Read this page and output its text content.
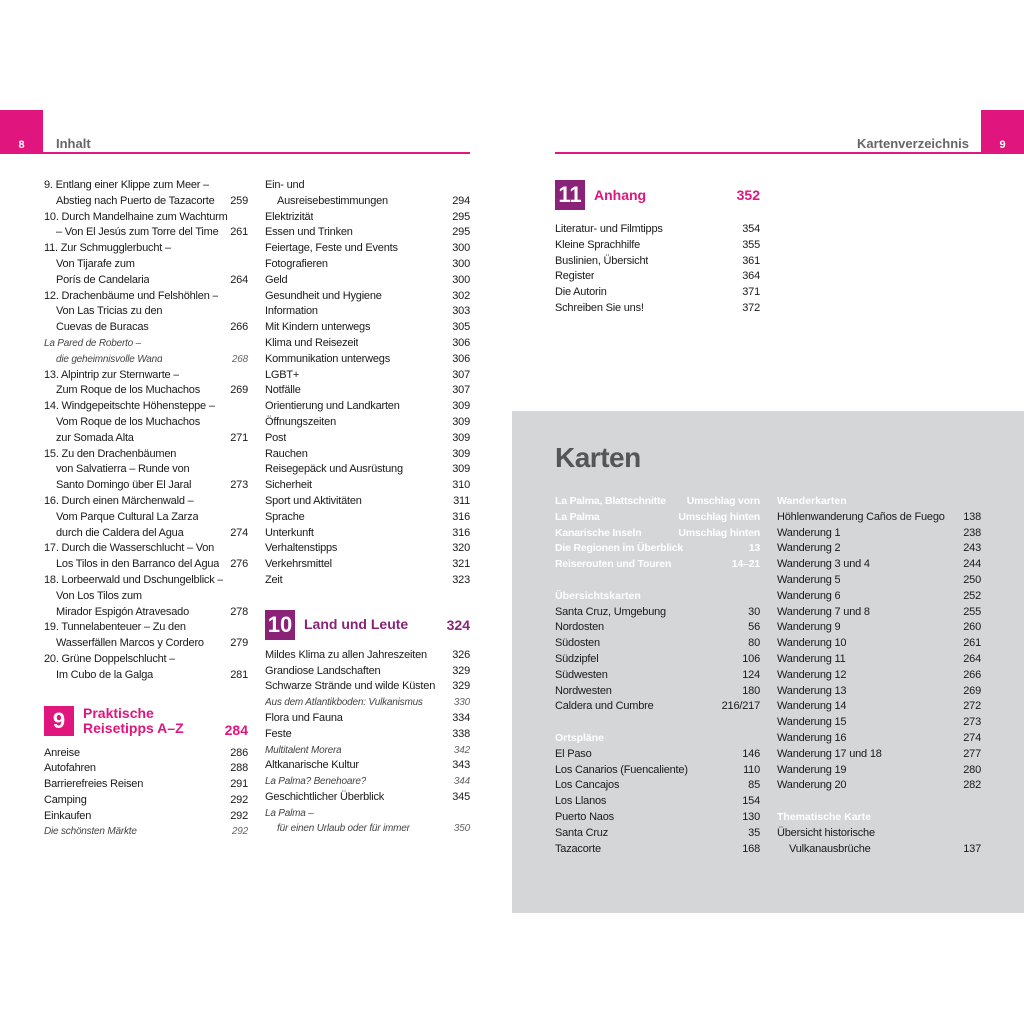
8 Inhalt	9
Kartenverzeichnis
9. Entlang einer Klippe zum Meer –
Abstieg nach Puerto de Tazacorte	259
10. Durch Mandelhaine zum Wachturm
– Von El Jesús zum Torre del Time	261
11. Zur Schmugglerbucht –
Von Tijarafe zum
Porís de Candelaria	264
12. Drachenbäume und Felshöhlen –
Von Las Tricias zu den
Cuevas de Buracas	266
La Pared de Roberto –
die geheimnisvolle Wand	268
13. Alpintrip zur Sternwarte –
Zum Roque de los Muchachos	269
14. Windgepeitschte Höhensteppe –
Vom Roque de los Muchachos
zur Somada Alta	271
15. Zu den Drachenbäumen
von Salvatierra – Runde von
Santo Domingo über El Jaral	273
16. Durch einen Märchenwald –
Vom Parque Cultural La Zarza
durch die Caldera del Agua	274
17. Durch die Wasserschlucht – Von
Los Tilos in den Barranco del Agua	276
18. Lorbeerwald und Dschungelblick –
Von Los Tilos zum
Mirador Espigón Atravesado	278
19. Tunnelabenteuer – Zu den
Wasserfällen Marcos y Cordero	279
20. Grüne Doppelschlucht –
Im Cubo de la Galga	281
9	Praktische
Reisetipps A–Z	284
Anreise	286
Autofahren	288
Barrierefreies Reisen	291
Camping	292
Einkaufen	292
Die schönsten Märkte	292
Ein- und
Ausreisebestimmungen	294
Elektrizität	295
Essen und Trinken	295
Feiertage, Feste und Events	300
Fotografieren	300
Geld	300
Gesundheit und Hygiene	302
Information	303
Mit Kindern unterwegs	305
Klima und Reisezeit	306
Kommunikation unterwegs	306
LGBT+	307
Notfälle	307
Orientierung und Landkarten	309
Öffnungszeiten	309
Post	309
Rauchen	309
Reisegepäck und Ausrüstung	309
Sicherheit	310
Sport und Aktivitäten	311
Sprache	316
Unterkunft	316
Verhaltenstipps	320
Verkehrsmittel	321
Zeit	323
10 Land und Leute	324
Mildes Klima zu allen Jahreszeiten	326
Grandiose Landschaften	329
Schwarze Strände und wilde Küsten	329
Aus dem Atlantikboden: Vulkanismus	330
Flora und Fauna	334
Feste	338
Multitalent Morera	342
Altkanarische Kultur	343
La Palma? Benehoare?	344
Geschichtlicher Überblick	345
La Palma –
für einen Urlaub oder für immer	350
11 Anhang	352
Literatur- und Filmtipps	354
Kleine Sprachhilfe	355
Buslinien, Übersicht	361
Register	364
Die Autorin	371
Schreiben Sie uns!	372
Karten
La Palma, Blattschnitte	Umschlag vorn
La Palma	Umschlag hinten
Kanarische Inseln	Umschlag hinten
Die Regionen im Überblick	13
Reiserouten und Touren	14–21
Übersichtskarten
Santa Cruz, Umgebung	30
Nordosten	56
Südosten	80
Südzipfel	106
Südwesten	124
Nordwesten	180
Caldera und Cumbre	216/217
Ortspläne
El Paso	146
Los Canarios (Fuencaliente)	110
Los Cancajos	85
Los Llanos	154
Puerto Naos	130
Santa Cruz	35
Tazacorte	168
Wanderkarten
Höhlenwanderung Caños de Fuego	138
Wanderung 1	238
Wanderung 2	243
Wanderung 3 und 4	244
Wanderung 5	250
Wanderung 6	252
Wanderung 7 und 8	255
Wanderung 9	260
Wanderung 10	261
Wanderung 11	264
Wanderung 12	266
Wanderung 13	269
Wanderung 14	272
Wanderung 15	273
Wanderung 16	274
Wanderung 17 und 18	277
Wanderung 19	280
Wanderung 20	282
Thematische Karte
Übersicht historische
Vulkanausbrüche	137
